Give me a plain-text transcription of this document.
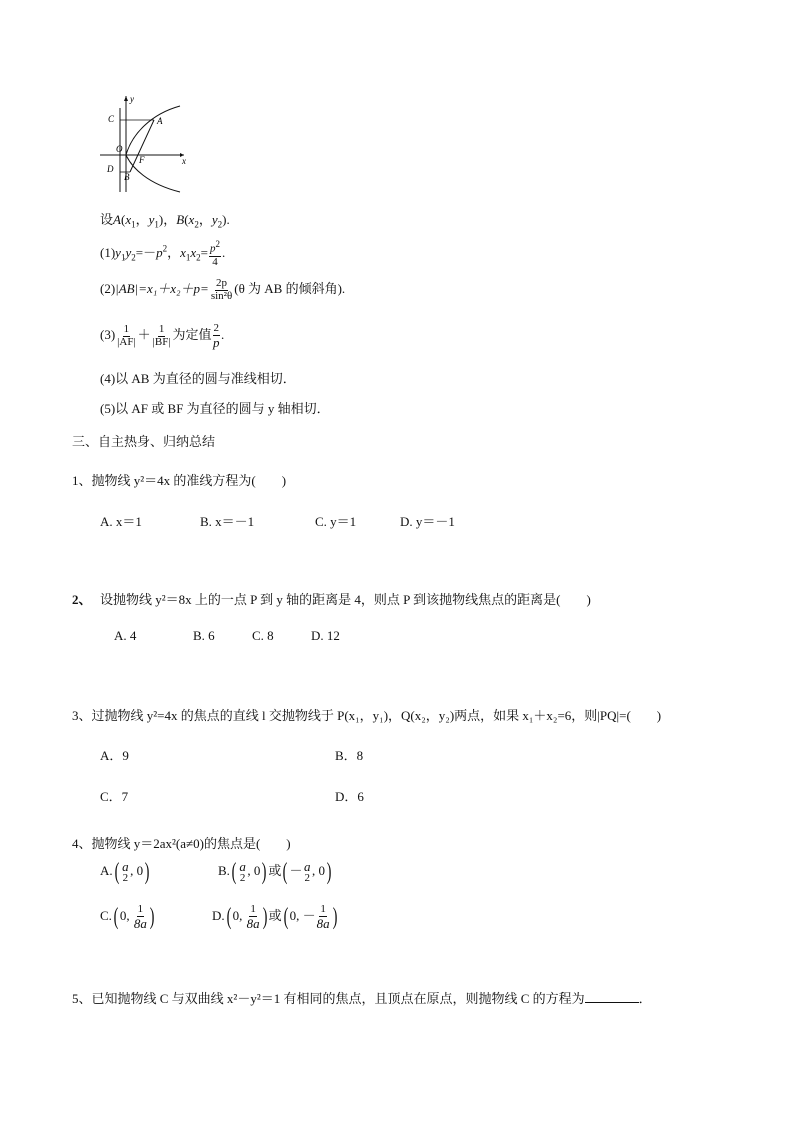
y
x
C	A
O
F
D
B
设$A(x_1$，$y_1$)，$B(x_2$，$y_2$).
$(1)y_1y_2=-p^2$，$x_1x_2= \frac{p^2}{4}$ .
$(2)|AB|=x_1+x_2+p= \frac{2p}{\text{sin²θ}} (\theta$ 为 AB 的倾斜角).
$(3) \frac{1}{|AF|} + \frac{1}{|BF|}$ 为定值 $\frac{2}{p}$ .
(4)以 AB 为直径的圆与准线相切．
(5)以 AF 或 BF 为直径的圆与 y 轴相切．
三、自主热身、归纳总结
1、抛物线 y²＝4x 的准线方程为(　　)
A. x＝1	B. x＝－1	C. y＝1	D. y＝－1
2、 设抛物线 y²＝8x 上的一点 P 到 y 轴的距离是 4，则点 P 到该抛物线焦点的距离是(　　)
A. 4	B. 6	C. 8	D. 12
3、过抛物线 y²=4x 的焦点的直线 l 交抛物线于 P(x₁，y₁)，Q(x₂，y₂)两点，如果 x₁＋x₂=6，则|PQ|=(　　)
A．9	B．8
C．7	D．6
4、抛物线 y＝2ax²(a≠0)的焦点是(　　)
A.( a
2
, 0)	B.( a
2
, 0) 或( － a
2
, 0)
C.( 0, $\frac{1}{8a}$ )	D.( 0, $\frac{1}{8a}$ ) 或( 0, － $\frac{1}{8a}$ )
5、已知抛物线 C 与双曲线 x²－y²＝1 有相同的焦点，且顶点在原点，则抛物线 C 的方程为	．
